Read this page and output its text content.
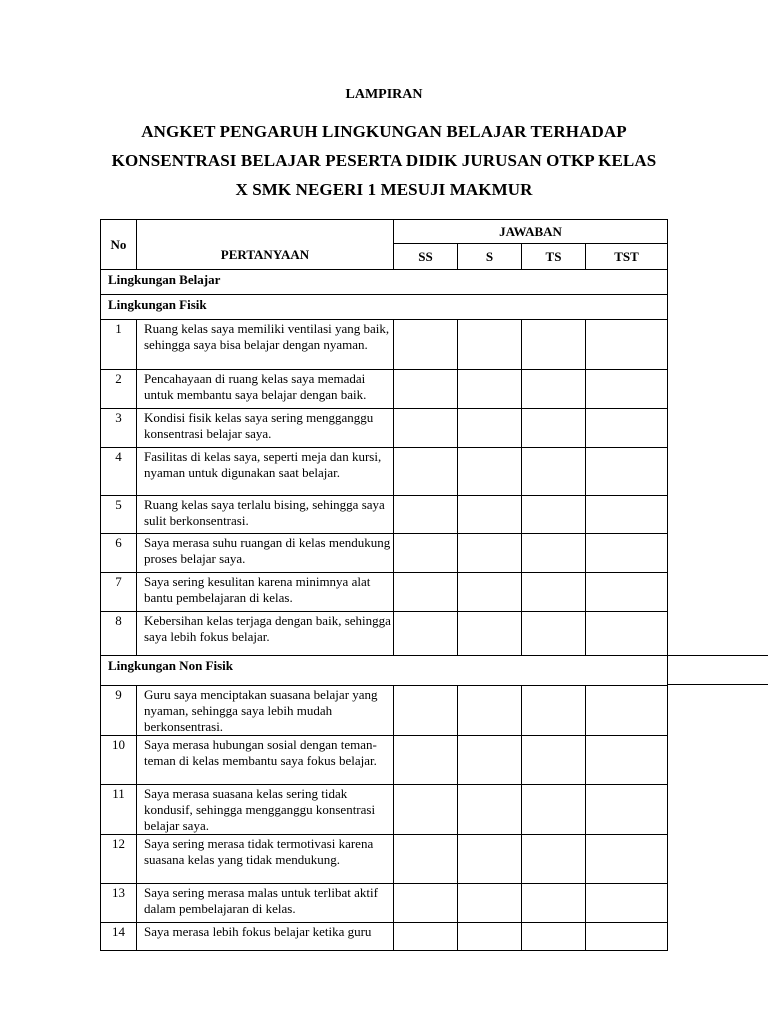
LAMPIRAN
ANGKET PENGARUH LINGKUNGAN BELAJAR TERHADAP
KONSENTRASI BELAJAR PESERTA DIDIK JURUSAN OTKP KELAS
X SMK NEGERI 1 MESUJI MAKMUR
No	PERTANYAAN	JAWABAN			
		SS	S	TS	TST
Lingkungan Belajar					
Lingkungan Fisik					
1	Ruang kelas saya memiliki ventilasi yang baik, sehingga saya bisa belajar dengan nyaman.				
2	Pencahayaan di ruang kelas saya memadai untuk membantu saya belajar dengan baik.				
3	Kondisi fisik kelas saya sering mengganggu konsentrasi belajar saya.				
4	Fasilitas di kelas saya, seperti meja dan kursi, nyaman untuk digunakan saat belajar.				
5	Ruang kelas saya terlalu bising, sehingga saya sulit berkonsentrasi.				
6	Saya merasa suhu ruangan di kelas mendukung proses belajar saya.				
7	Saya sering kesulitan karena minimnya alat bantu pembelajaran di kelas.				
8	Kebersihan kelas terjaga dengan baik, sehingga saya lebih fokus belajar.				
Lingkungan Non Fisik					
9	Guru saya menciptakan suasana belajar yang nyaman, sehingga saya lebih mudah berkonsentrasi.				
10	Saya merasa hubungan sosial dengan teman-teman di kelas membantu saya fokus belajar.				
11	Saya merasa suasana kelas sering tidak kondusif, sehingga mengganggu konsentrasi belajar saya.				
12	Saya sering merasa tidak termotivasi karena suasana kelas yang tidak mendukung.				
13	Saya sering merasa malas untuk terlibat aktif dalam pembelajaran di kelas.				
14	Saya merasa lebih fokus belajar ketika guru				
